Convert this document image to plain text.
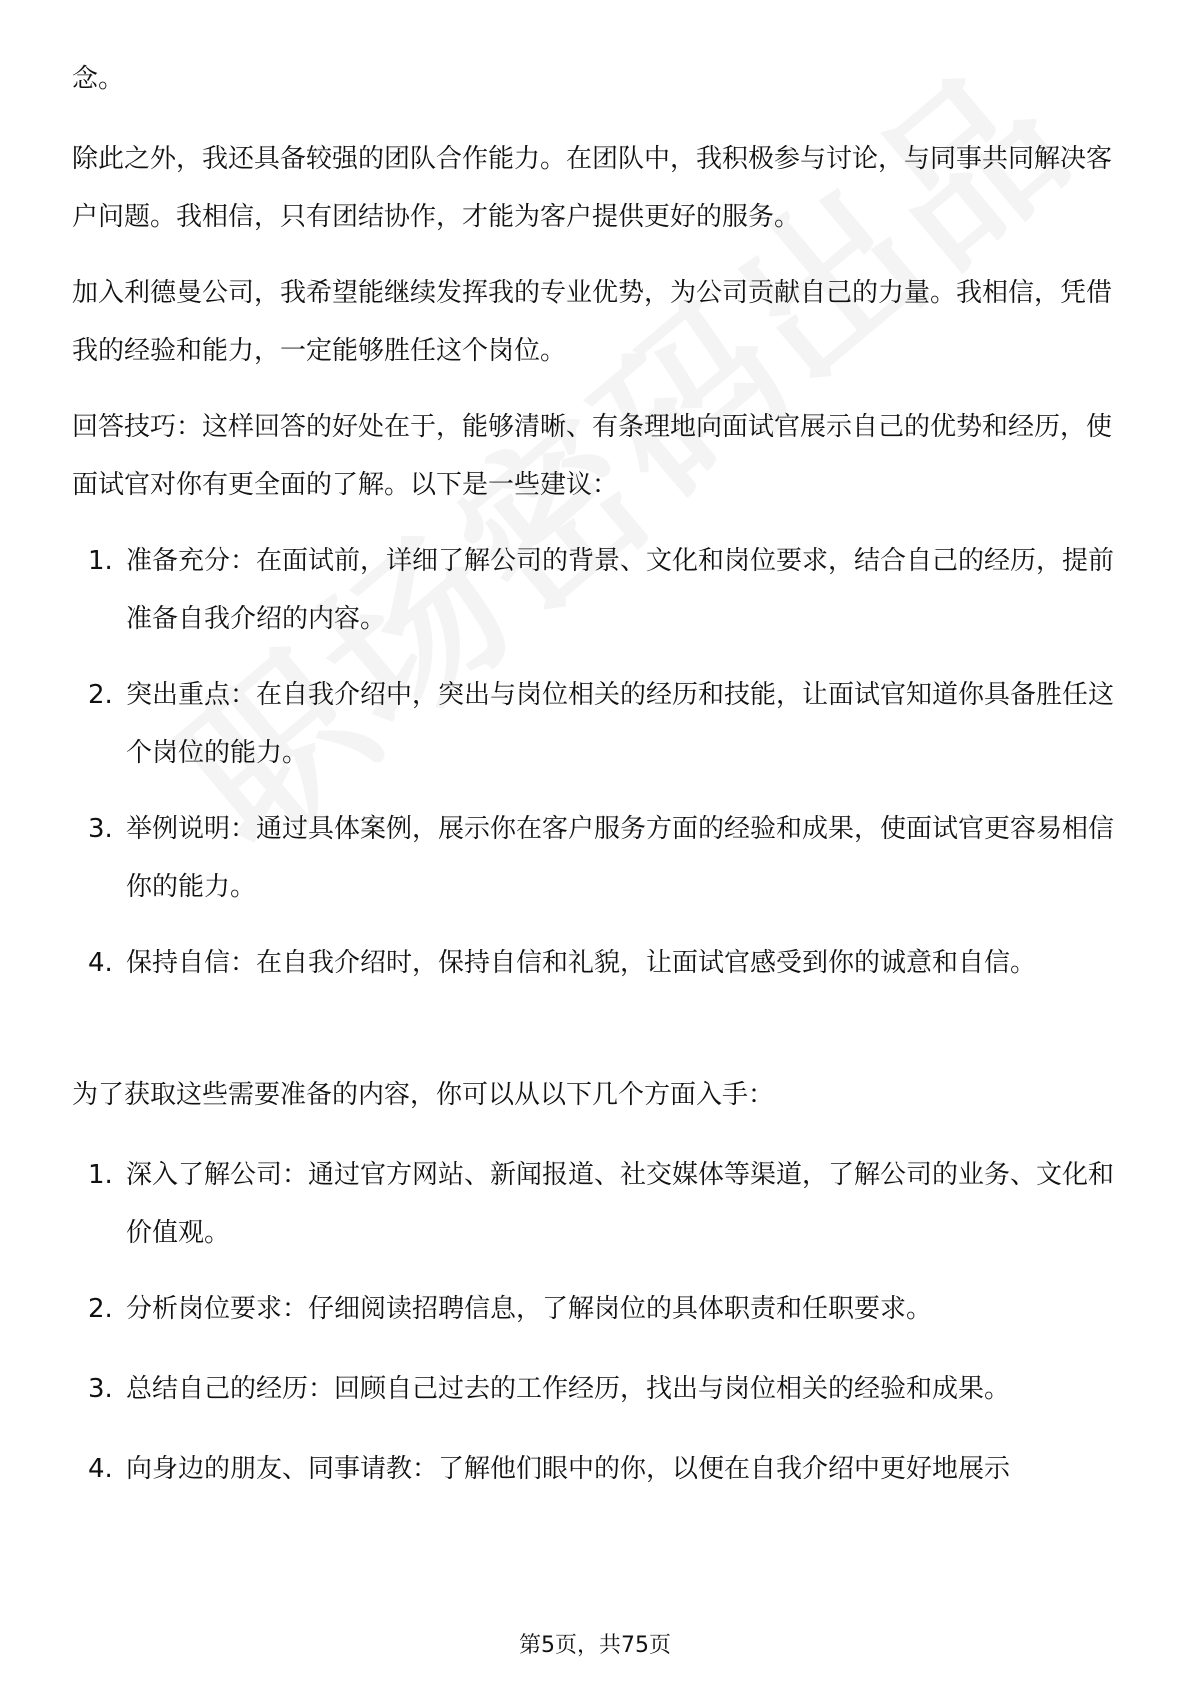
念。

除此之外，我还具备较强的团队合作能力。在团队中，我积极参与讨论，与同事共同解决客户问题。我相信，只有团结协作，才能为客户提供更好的服务。

加入利德曼公司，我希望能继续发挥我的专业优势，为公司贡献自己的力量。我相信，凭借我的经验和能力，一定能够胜任这个岗位。

回答技巧：这样回答的好处在于，能够清晰、有条理地向面试官展示自己的优势和经历，使面试官对你有更全面的了解。以下是一些建议：

1. 准备充分：在面试前，详细了解公司的背景、文化和岗位要求，结合自己的经历，提前准备自我介绍的内容。
2. 突出重点：在自我介绍中，突出与岗位相关的经历和技能，让面试官知道你具备胜任这个岗位的能力。
3. 举例说明：通过具体案例，展示你在客户服务方面的经验和成果，使面试官更容易相信你的能力。
4. 保持自信：在自我介绍时，保持自信和礼貌，让面试官感受到你的诚意和自信。

为了获取这些需要准备的内容，你可以从以下几个方面入手：

1. 深入了解公司：通过官方网站、新闻报道、社交媒体等渠道，了解公司的业务、文化和价值观。
2. 分析岗位要求：仔细阅读招聘信息，了解岗位的具体职责和任职要求。
3. 总结自己的经历：回顾自己过去的工作经历，找出与岗位相关的经验和成果。
4. 向身边的朋友、同事请教：了解他们眼中的你，以便在自我介绍中更好地展示
第5页，共75页
